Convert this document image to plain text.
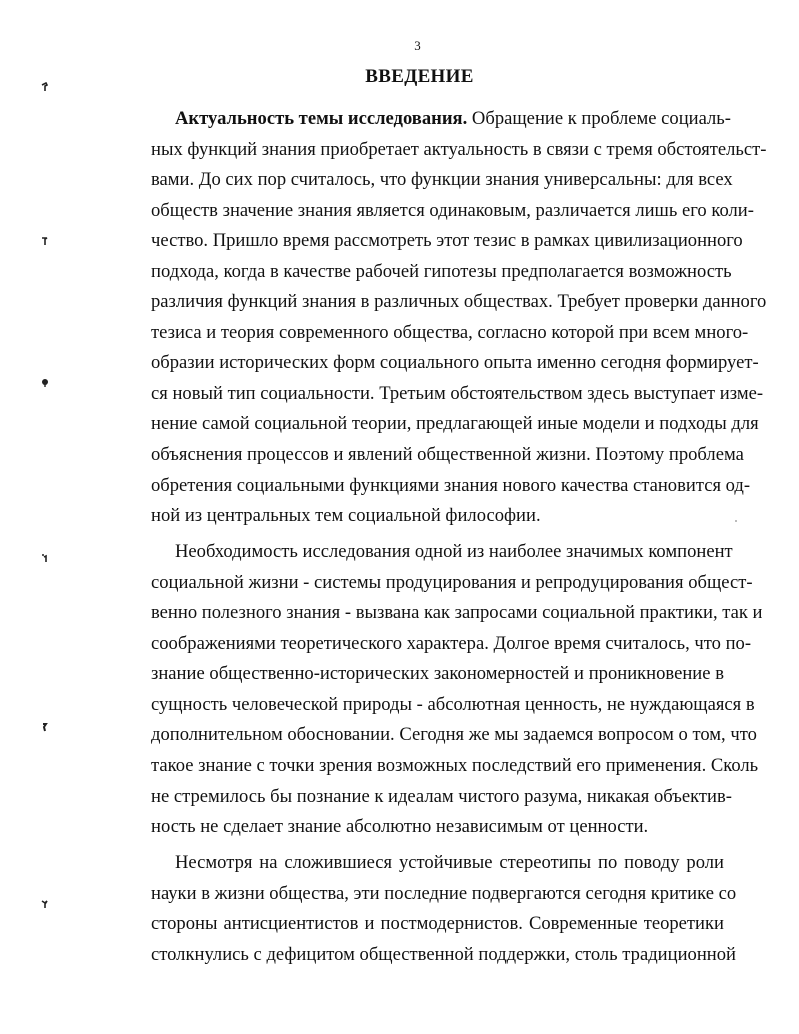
3
ВВЕДЕНИЕ
Актуальность темы исследования. Обращение к проблеме социаль-
ных функций знания приобретает актуальность в связи с тремя обстоятельст-
вами. До сих пор считалось, что функции знания универсальны: для всех
обществ значение знания является одинаковым, различается лишь его коли-
чество. Пришло время рассмотреть этот тезис в рамках цивилизационного
подхода, когда в качестве рабочей гипотезы предполагается возможность
различия функций знания в различных обществах. Требует проверки данного
тезиса и теория современного общества, согласно которой при всем много-
образии исторических форм социального опыта именно сегодня формирует-
ся новый тип социальности. Третьим обстоятельством здесь выступает изме-
нение самой социальной теории, предлагающей иные модели и подходы для
объяснения процессов и явлений общественной жизни. Поэтому проблема
обретения социальными функциями знания нового качества становится од-
ной из центральных тем социальной философии.
Необходимость исследования одной из наиболее значимых компонент
социальной жизни - системы продуцирования и репродуцирования общест-
венно полезного знания - вызвана как запросами социальной практики, так и
соображениями теоретического характера. Долгое время считалось, что по-
знание общественно-исторических закономерностей и проникновение в
сущность человеческой природы - абсолютная ценность, не нуждающаяся в
дополнительном обосновании. Сегодня же мы задаемся вопросом о том, что
такое знание с точки зрения возможных последствий его применения. Сколь
не стремилось бы познание к идеалам чистого разума, никакая объектив-
ность не сделает знание абсолютно независимым от ценности.
Несмотря на сложившиеся устойчивые стереотипы по поводу роли
науки в жизни общества, эти последние подвергаются сегодня критике со
стороны антисциентистов и постмодернистов. Современные теоретики
столкнулись с дефицитом общественной поддержки, столь традиционной
